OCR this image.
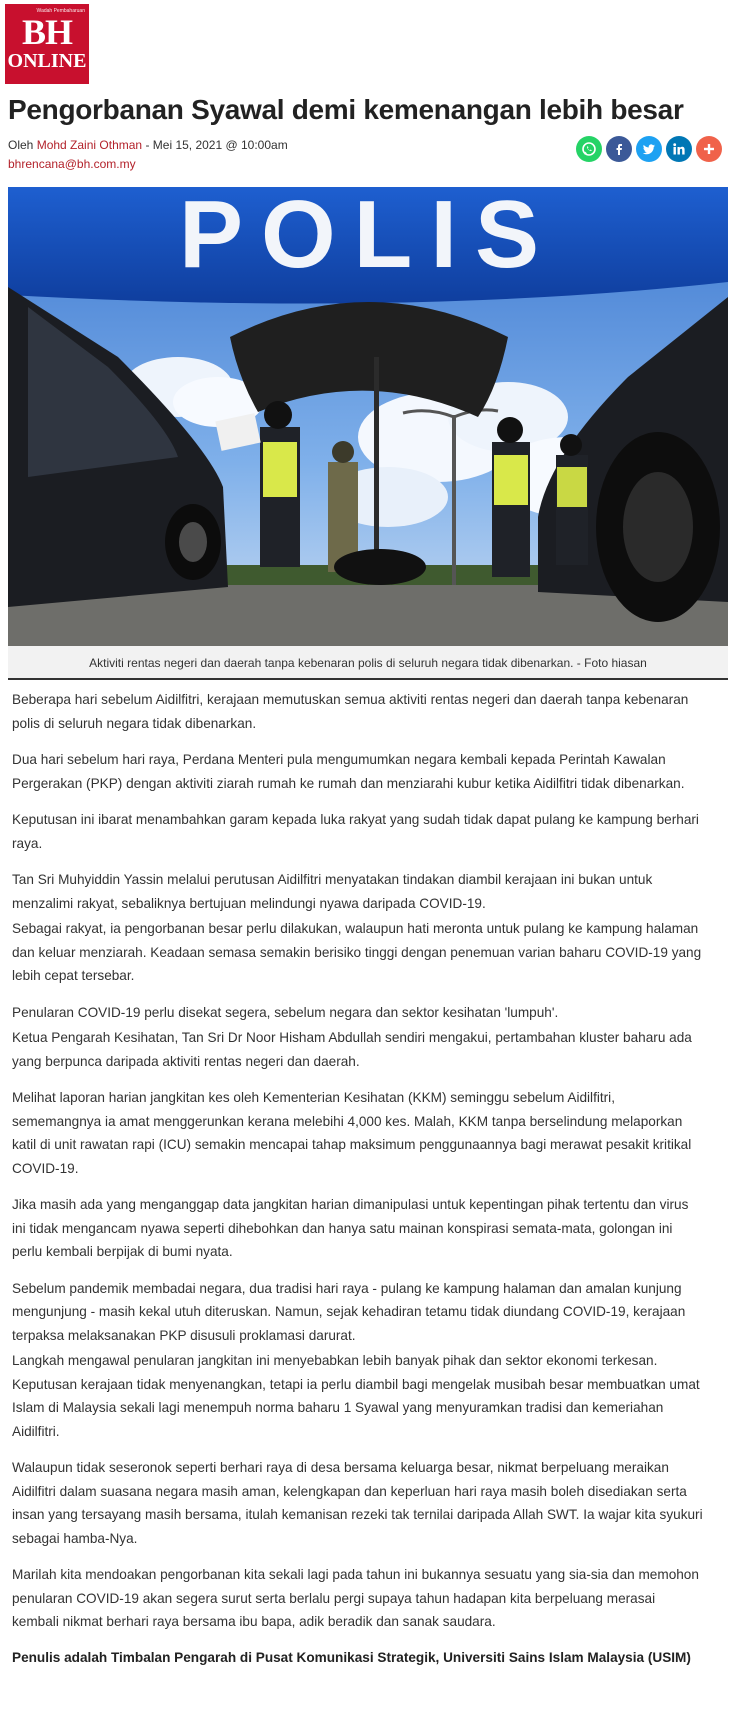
Wadah Pembaharuan
BH
ONLINE
Pengorbanan Syawal demi kemenangan lebih besar
Oleh Mohd Zaini Othman - Mei 15, 2021 @ 10:00am
bhrencana@bh.com.my
POLIS
Aktiviti rentas negeri dan daerah tanpa kebenaran polis di seluruh negara tidak dibenarkan. - Foto hiasan

Beberapa hari sebelum Aidilfitri, kerajaan memutuskan semua aktiviti rentas negeri dan daerah tanpa kebenaran polis di seluruh negara tidak dibenarkan.

Dua hari sebelum hari raya, Perdana Menteri pula mengumumkan negara kembali kepada Perintah Kawalan Pergerakan (PKP) dengan aktiviti ziarah rumah ke rumah dan menziarahi kubur ketika Aidilfitri tidak dibenarkan.

Keputusan ini ibarat menambahkan garam kepada luka rakyat yang sudah tidak dapat pulang ke kampung berhari raya.

Tan Sri Muhyiddin Yassin melalui perutusan Aidilfitri menyatakan tindakan diambil kerajaan ini bukan untuk menzalimi rakyat, sebaliknya bertujuan melindungi nyawa daripada COVID-19.

Sebagai rakyat, ia pengorbanan besar perlu dilakukan, walaupun hati meronta untuk pulang ke kampung halaman dan keluar menziarah. Keadaan semasa semakin berisiko tinggi dengan penemuan varian baharu COVID-19 yang lebih cepat tersebar.

Penularan COVID-19 perlu disekat segera, sebelum negara dan sektor kesihatan 'lumpuh'.

Ketua Pengarah Kesihatan, Tan Sri Dr Noor Hisham Abdullah sendiri mengakui, pertambahan kluster baharu ada yang berpunca daripada aktiviti rentas negeri dan daerah.

Melihat laporan harian jangkitan kes oleh Kementerian Kesihatan (KKM) seminggu sebelum Aidilfitri, sememangnya ia amat menggerunkan kerana melebihi 4,000 kes. Malah, KKM tanpa berselindung melaporkan katil di unit rawatan rapi (ICU) semakin mencapai tahap maksimum penggunaannya bagi merawat pesakit kritikal COVID-19.

Jika masih ada yang menganggap data jangkitan harian dimanipulasi untuk kepentingan pihak tertentu dan virus ini tidak mengancam nyawa seperti dihebohkan dan hanya satu mainan konspirasi semata-mata, golongan ini perlu kembali berpijak di bumi nyata.

Sebelum pandemik membadai negara, dua tradisi hari raya - pulang ke kampung halaman dan amalan kunjung mengunjung - masih kekal utuh diteruskan. Namun, sejak kehadiran tetamu tidak diundang COVID-19, kerajaan terpaksa melaksanakan PKP disusuli proklamasi darurat.

Langkah mengawal penularan jangkitan ini menyebabkan lebih banyak pihak dan sektor ekonomi terkesan. Keputusan kerajaan tidak menyenangkan, tetapi ia perlu diambil bagi mengelak musibah besar membuatkan umat Islam di Malaysia sekali lagi menempuh norma baharu 1 Syawal yang menyuramkan tradisi dan kemeriahan Aidilfitri.

Walaupun tidak seseronok seperti berhari raya di desa bersama keluarga besar, nikmat berpeluang meraikan Aidilfitri dalam suasana negara masih aman, kelengkapan dan keperluan hari raya masih boleh disediakan serta insan yang tersayang masih bersama, itulah kemanisan rezeki tak ternilai daripada Allah SWT. Ia wajar kita syukuri sebagai hamba-Nya.

Marilah kita mendoakan pengorbanan kita sekali lagi pada tahun ini bukannya sesuatu yang sia-sia dan memohon penularan COVID-19 akan segera surut serta berlalu pergi supaya tahun hadapan kita berpeluang merasai kembali nikmat berhari raya bersama ibu bapa, adik beradik dan sanak saudara.

Penulis adalah Timbalan Pengarah di Pusat Komunikasi Strategik, Universiti Sains Islam Malaysia (USIM)
